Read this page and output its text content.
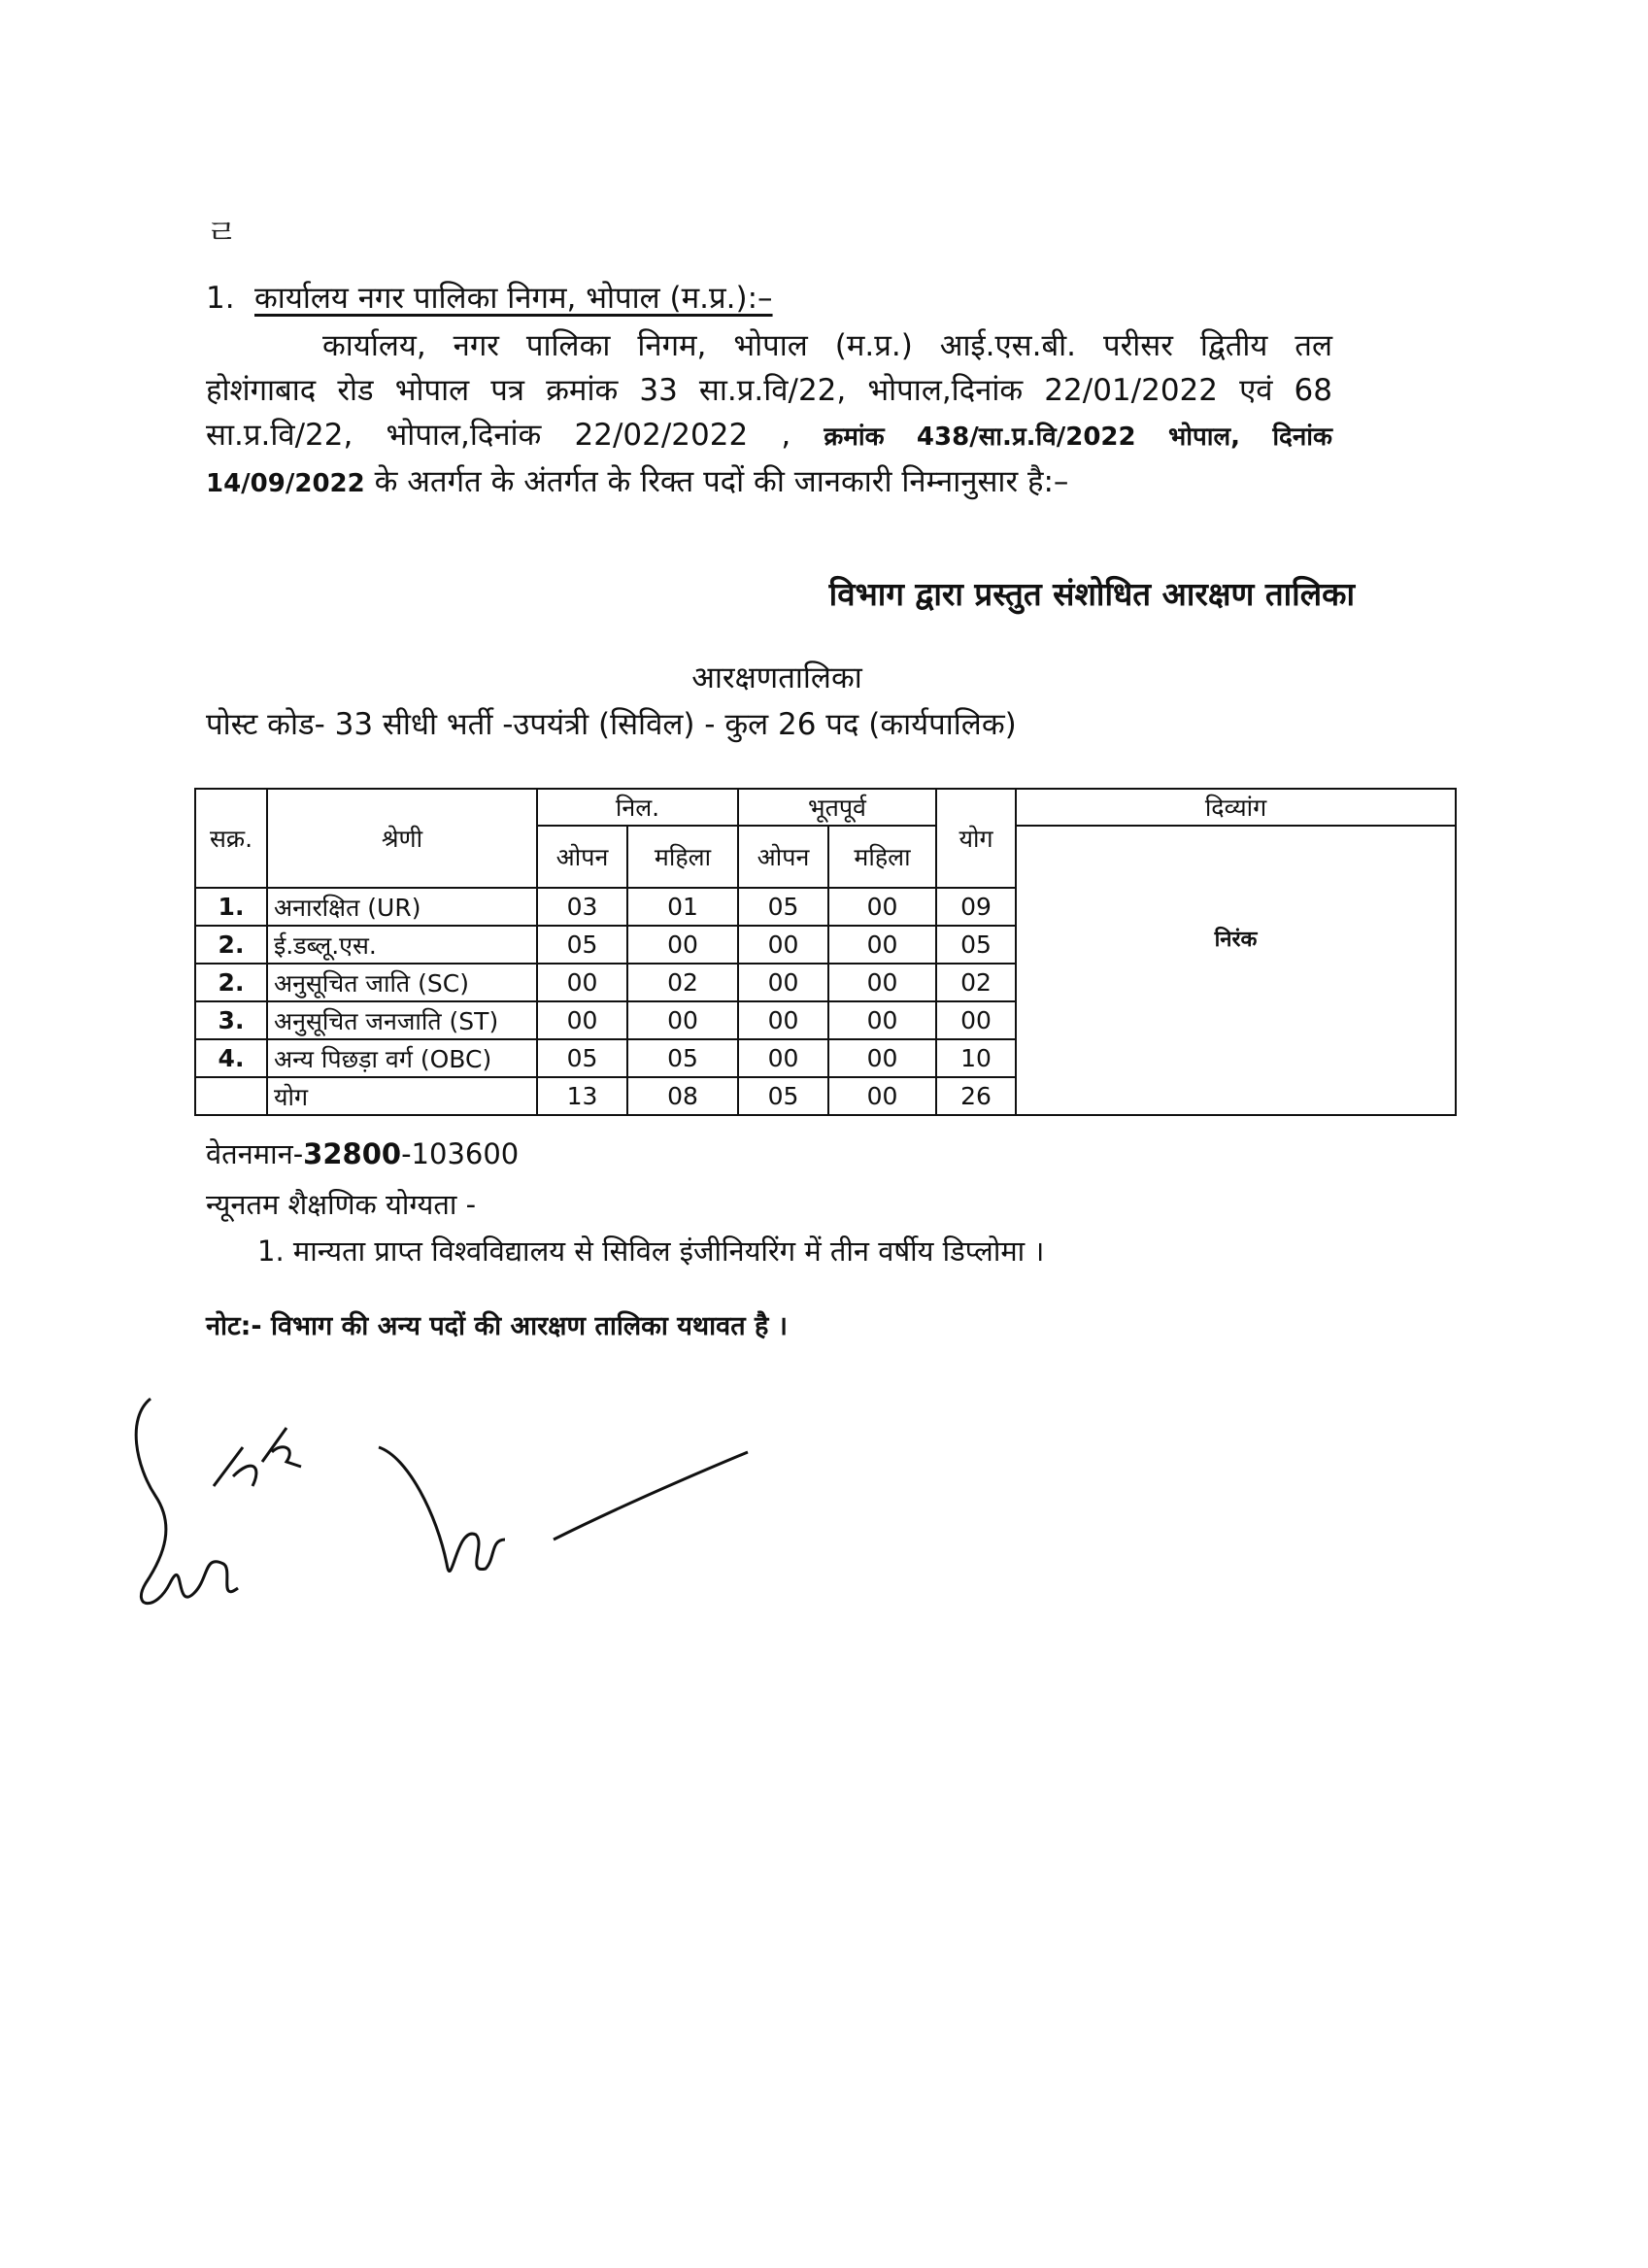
ㄹ
1. कार्यालय नगर पालिका निगम, भोपाल (म.प्र.):–

कार्यालय, नगर पालिका निगम, भोपाल (म.प्र.) आई.एस.बी. परीसर द्वितीय तल

होशंगाबाद रोड भोपाल पत्र क्रमांक 33 सा.प्र.वि/22, भोपाल,दिनांक 22/01/2022 एवं 68

सा.प्र.वि/22, भोपाल,दिनांक 22/02/2022 , क्रमांक 438/सा.प्र.वि/2022 भोपाल, दिनांक

14/09/2022 के अतर्गत के अंतर्गत के रिक्त पदों की जानकारी निम्नानुसार है:–

विभाग द्वारा प्रस्तुत संशोधित आरक्षण तालिका
आरक्षणतालिका
पोस्ट कोड- 33 सीधी भर्ती -उपयंत्री (सिविल) - कुल 26 पद (कार्यपालिक)
सक्र.	श्रेणी	निल.		भूतपूर्व		योग	दिव्यांग
		ओपन	महिला	ओपन	महिला		निरंक
1.	अनारक्षित (UR)	03	01	05	00	09	
2.	ई.डब्लू.एस.	05	00	00	00	05	
2.	अनुसूचित जाति (SC)	00	02	00	00	02	
3.	अनुसूचित जनजाति (ST)	00	00	00	00	00	
4.	अन्य पिछड़ा वर्ग (OBC)	05	05	00	00	10	
	योग	13	08	05	00	26	
वेतनमान-32800-103600
न्यूनतम शैक्षणिक योग्यता -
1. मान्यता प्राप्त विश्वविद्यालय से सिविल इंजीनियरिंग में तीन वर्षीय डिप्लोमा ।
नोट:- विभाग की अन्य पदों की आरक्षण तालिका यथावत है ।
